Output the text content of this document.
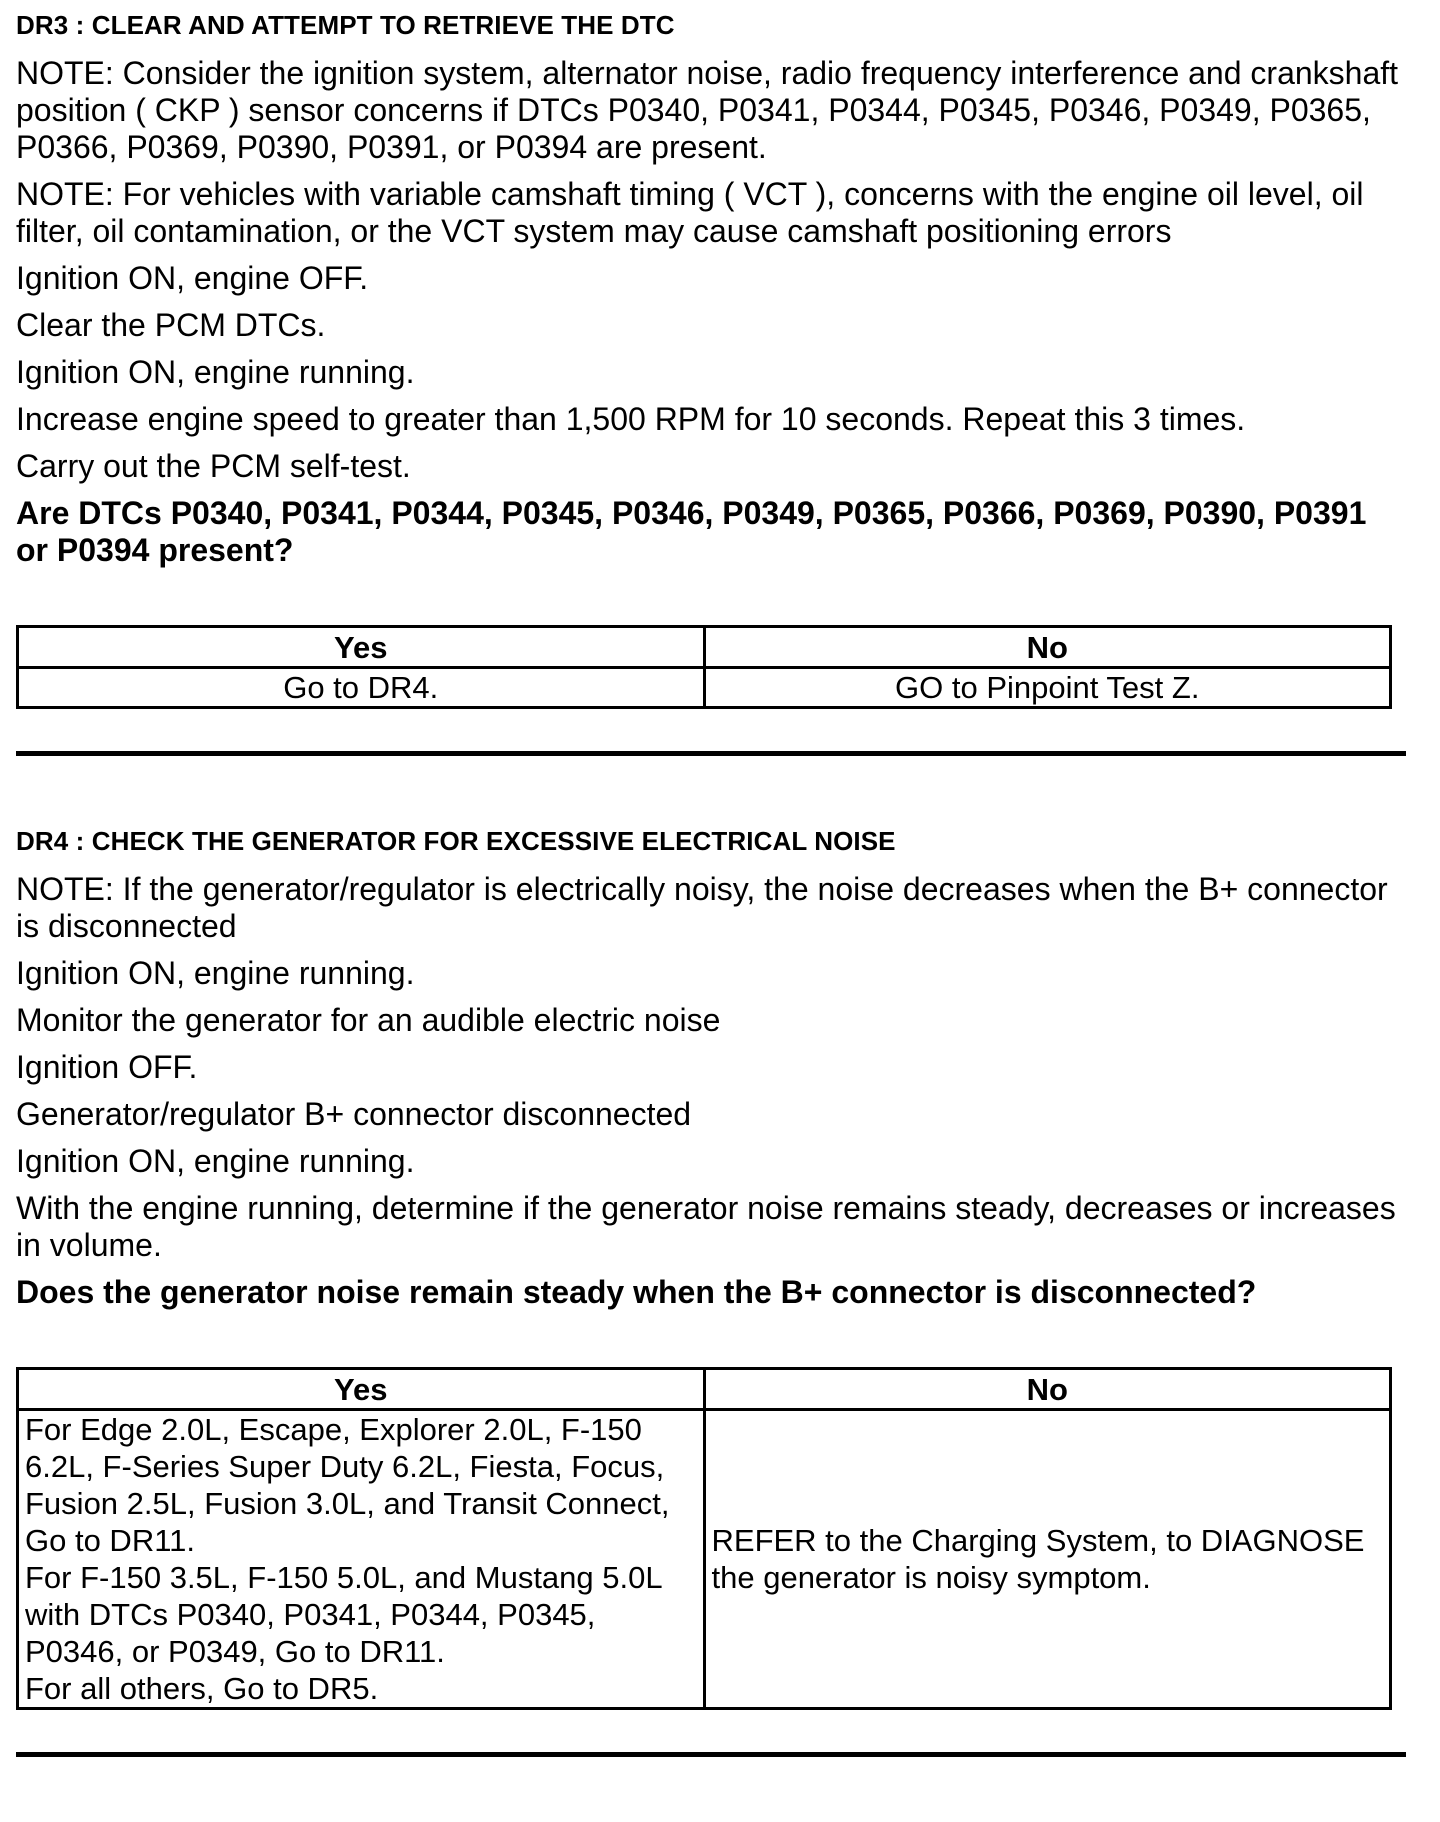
DR3 : CLEAR AND ATTEMPT TO RETRIEVE THE DTC

NOTE: Consider the ignition system, alternator noise, radio frequency interference and crankshaft position ( CKP ) sensor concerns if DTCs P0340, P0341, P0344, P0345, P0346, P0349, P0365, P0366, P0369, P0390, P0391, or P0394 are present.

NOTE: For vehicles with variable camshaft timing ( VCT ), concerns with the engine oil level, oil filter, oil contamination, or the VCT system may cause camshaft positioning errors

Ignition ON, engine OFF.

Clear the PCM DTCs.

Ignition ON, engine running.

Increase engine speed to greater than 1,500 RPM for 10 seconds. Repeat this 3 times.

Carry out the PCM self-test.

Are DTCs P0340, P0341, P0344, P0345, P0346, P0349, P0365, P0366, P0369, P0390, P0391 or P0394 present?

Yes	No
Go to DR4.	GO to Pinpoint Test Z.
DR4 : CHECK THE GENERATOR FOR EXCESSIVE ELECTRICAL NOISE

NOTE: If the generator/regulator is electrically noisy, the noise decreases when the B+ connector is disconnected

Ignition ON, engine running.

Monitor the generator for an audible electric noise

Ignition OFF.

Generator/regulator B+ connector disconnected

Ignition ON, engine running.

With the engine running, determine if the generator noise remains steady, decreases or increases in volume.

Does the generator noise remain steady when the B+ connector is disconnected?

Yes	No

For Edge 2.0L, Escape, Explorer 2.0L, F-150 6.2L, F-Series Super Duty 6.2L, Fiesta, Focus, Fusion 2.5L, Fusion 3.0L, and Transit Connect, Go to DR11.
For F-150 3.5L, F-150 5.0L, and Mustang 5.0L with DTCs P0340, P0341, P0344, P0345, P0346, or P0349, Go to DR11.
For all others, Go to DR5.	REFER to the Charging System, to DIAGNOSE the generator is noisy symptom.
